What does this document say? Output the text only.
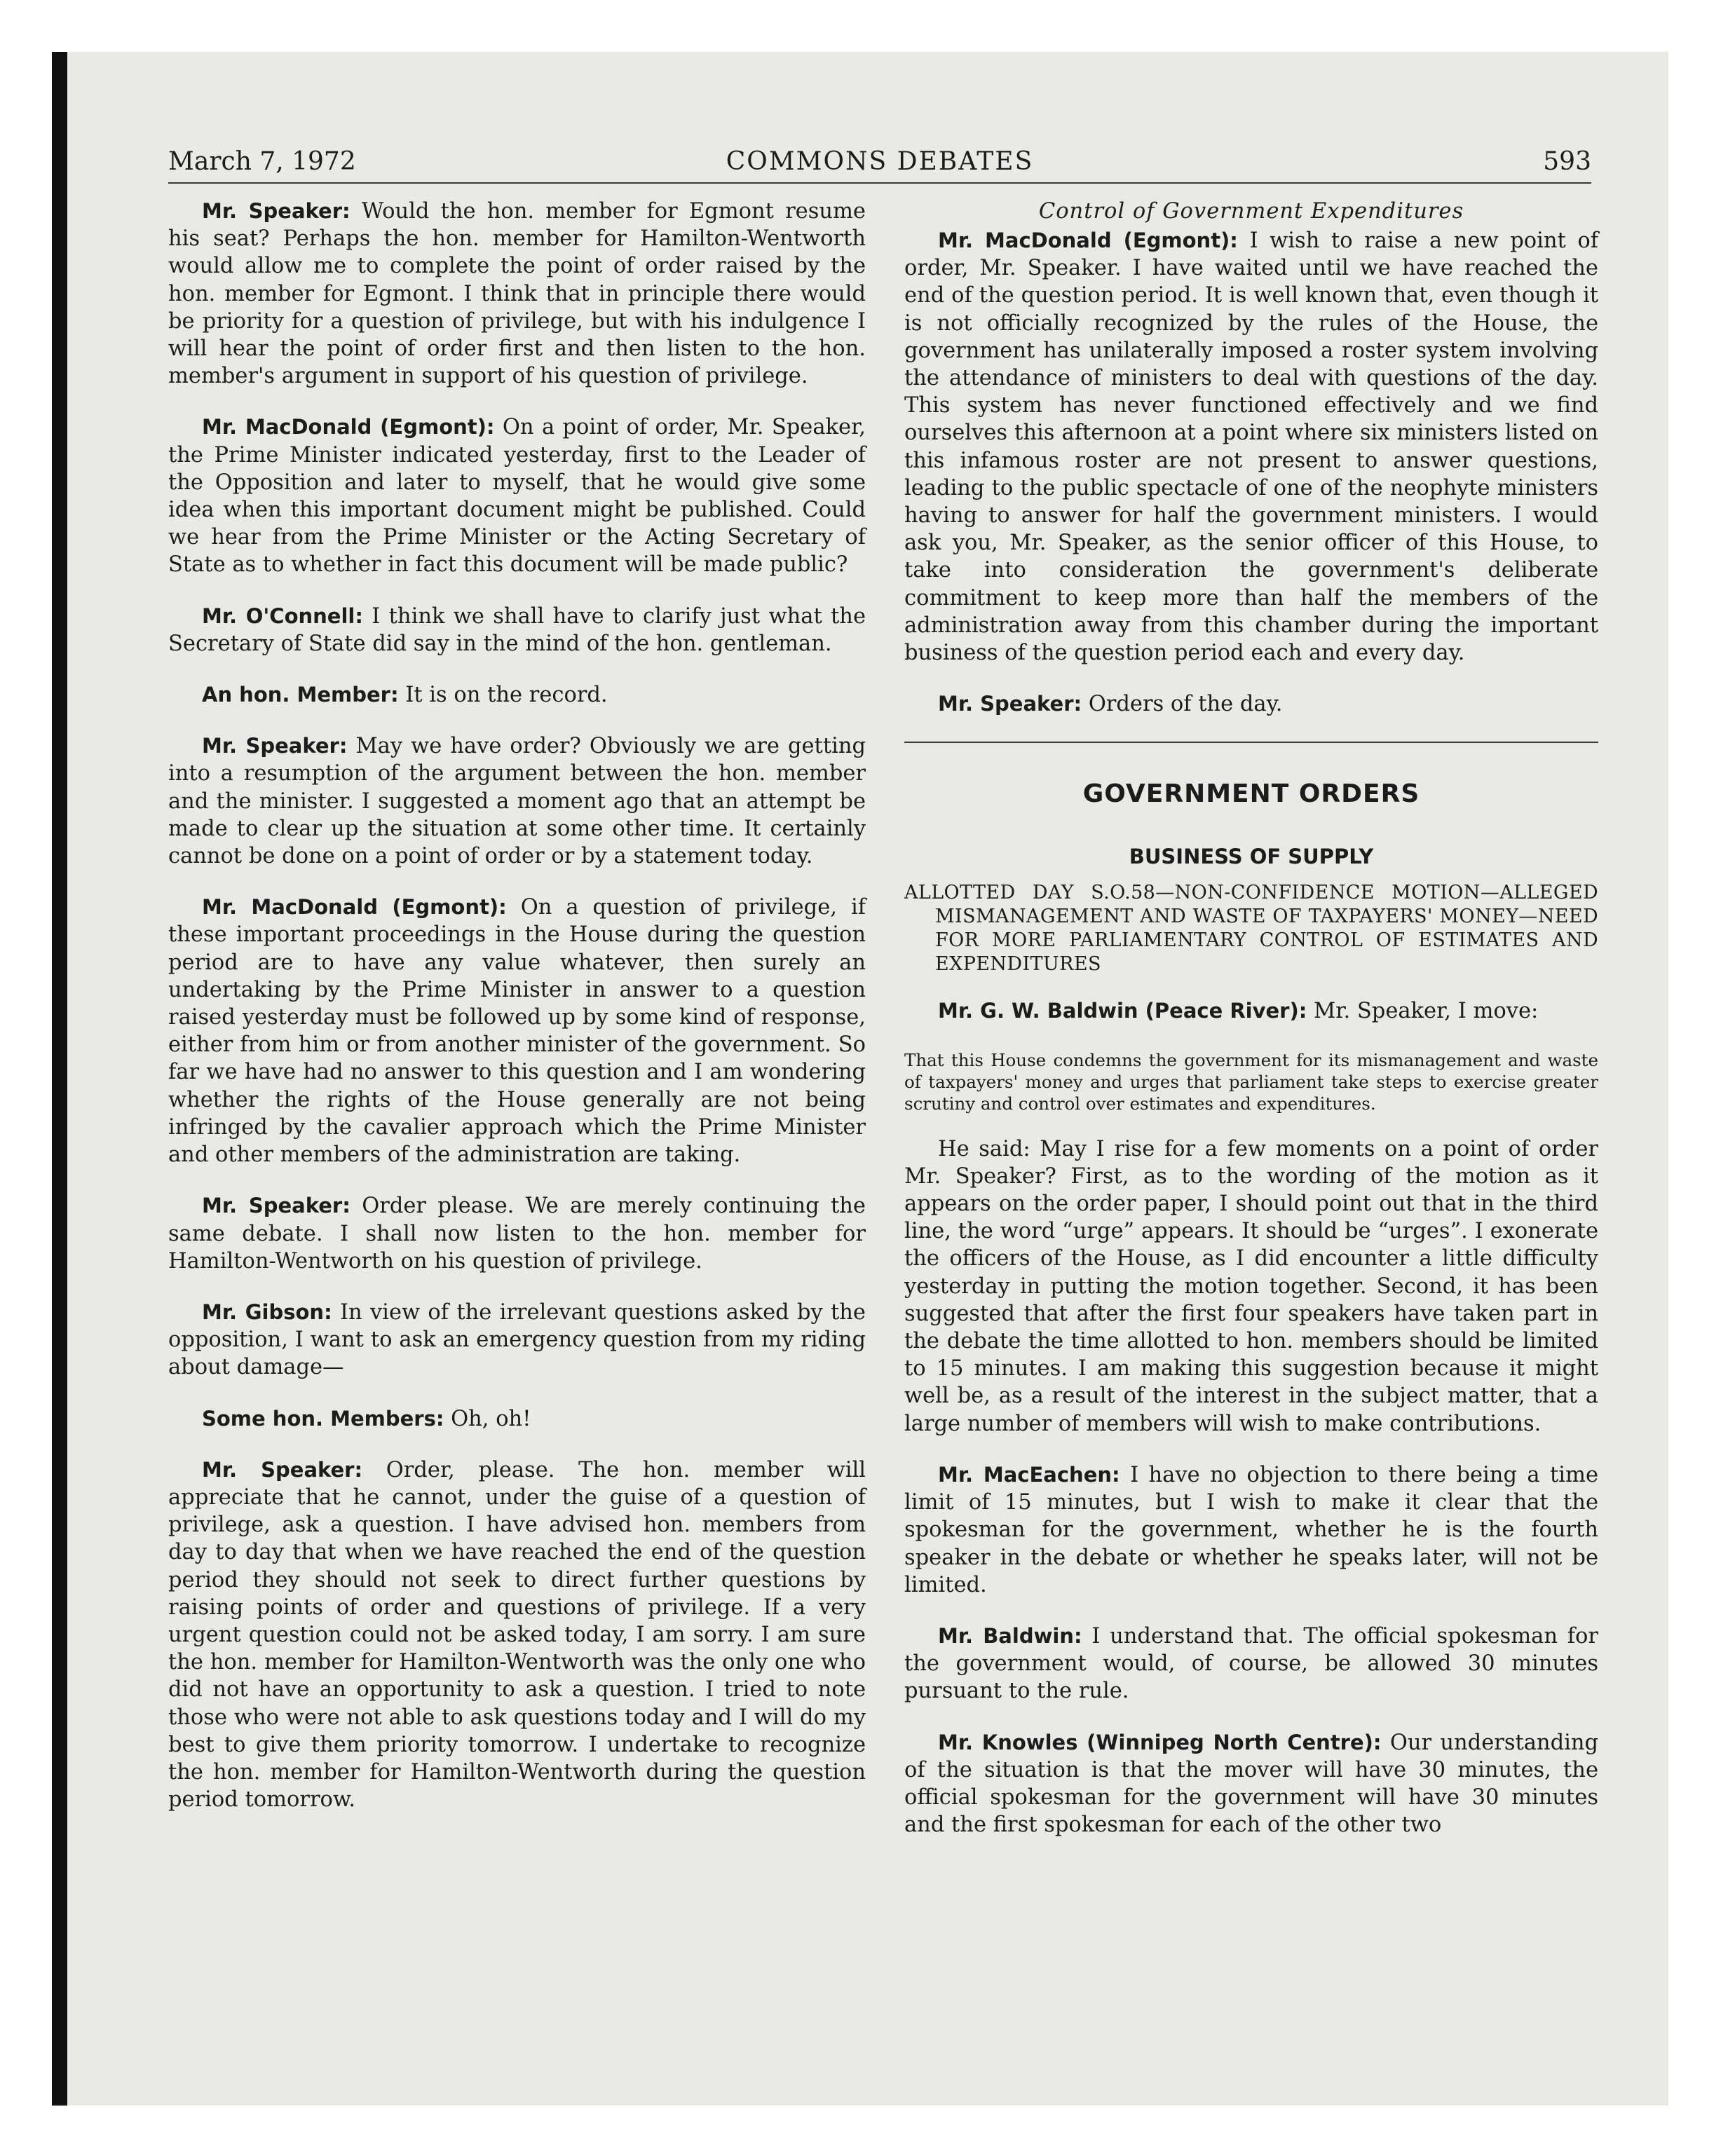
March 7, 1972	COMMONS DEBATES	593

Mr. Speaker: Would the hon. member for Egmont resume his seat? Perhaps the hon. member for Hamilton-Wentworth would allow me to complete the point of order raised by the hon. member for Egmont. I think that in principle there would be priority for a question of privilege, but with his indulgence I will hear the point of order first and then listen to the hon. member's argument in support of his question of privilege.

Mr. MacDonald (Egmont): On a point of order, Mr. Speaker, the Prime Minister indicated yesterday, first to the Leader of the Opposition and later to myself, that he would give some idea when this important document might be published. Could we hear from the Prime Minister or the Acting Secretary of State as to whether in fact this document will be made public?

Mr. O'Connell: I think we shall have to clarify just what the Secretary of State did say in the mind of the hon. gentleman.

An hon. Member: It is on the record.

Mr. Speaker: May we have order? Obviously we are getting into a resumption of the argument between the hon. member and the minister. I suggested a moment ago that an attempt be made to clear up the situation at some other time. It certainly cannot be done on a point of order or by a statement today.

Mr. MacDonald (Egmont): On a question of privilege, if these important proceedings in the House during the question period are to have any value whatever, then surely an undertaking by the Prime Minister in answer to a question raised yesterday must be followed up by some kind of response, either from him or from another minister of the government. So far we have had no answer to this question and I am wondering whether the rights of the House generally are not being infringed by the cavalier approach which the Prime Minister and other members of the administration are taking.

Mr. Speaker: Order please. We are merely continuing the same debate. I shall now listen to the hon. member for Hamilton-Wentworth on his question of privilege.

Mr. Gibson: In view of the irrelevant questions asked by the opposition, I want to ask an emergency question from my riding about damage—

Some hon. Members: Oh, oh!

Mr. Speaker: Order, please. The hon. member will appreciate that he cannot, under the guise of a question of privilege, ask a question. I have advised hon. members from day to day that when we have reached the end of the question period they should not seek to direct further questions by raising points of order and questions of privilege. If a very urgent question could not be asked today, I am sorry. I am sure the hon. member for Hamilton-Wentworth was the only one who did not have an opportunity to ask a question. I tried to note those who were not able to ask questions today and I will do my best to give them priority tomorrow. I undertake to recognize the hon. member for Hamilton-Wentworth during the question period tomorrow.

Control of Government Expenditures

Mr. MacDonald (Egmont): I wish to raise a new point of order, Mr. Speaker. I have waited until we have reached the end of the question period. It is well known that, even though it is not officially recognized by the rules of the House, the government has unilaterally imposed a roster system involving the attendance of ministers to deal with questions of the day. This system has never functioned effectively and we find ourselves this afternoon at a point where six ministers listed on this infamous roster are not present to answer questions, leading to the public spectacle of one of the neophyte ministers having to answer for half the government ministers. I would ask you, Mr. Speaker, as the senior officer of this House, to take into consideration the government's deliberate commitment to keep more than half the members of the administration away from this chamber during the important business of the question period each and every day.

Mr. Speaker: Orders of the day.

GOVERNMENT ORDERS
BUSINESS OF SUPPLY
ALLOTTED DAY S.O.58—NON-CONFIDENCE MOTION—ALLEGED MISMANAGEMENT AND WASTE OF TAXPAYERS' MONEY—NEED FOR MORE PARLIAMENTARY CONTROL OF ESTIMATES AND EXPENDITURES

Mr. G. W. Baldwin (Peace River): Mr. Speaker, I move:

That this House condemns the government for its mismanagement and waste of taxpayers' money and urges that parliament take steps to exercise greater scrutiny and control over estimates and expenditures.

He said: May I rise for a few moments on a point of order Mr. Speaker? First, as to the wording of the motion as it appears on the order paper, I should point out that in the third line, the word “urge” appears. It should be “urges”. I exonerate the officers of the House, as I did encounter a little difficulty yesterday in putting the motion together. Second, it has been suggested that after the first four speakers have taken part in the debate the time allotted to hon. members should be limited to 15 minutes. I am making this suggestion because it might well be, as a result of the interest in the subject matter, that a large number of members will wish to make contributions.

Mr. MacEachen: I have no objection to there being a time limit of 15 minutes, but I wish to make it clear that the spokesman for the government, whether he is the fourth speaker in the debate or whether he speaks later, will not be limited.

Mr. Baldwin: I understand that. The official spokesman for the government would, of course, be allowed 30 minutes pursuant to the rule.

Mr. Knowles (Winnipeg North Centre): Our understanding of the situation is that the mover will have 30 minutes, the official spokesman for the government will have 30 minutes and the first spokesman for each of the other two
